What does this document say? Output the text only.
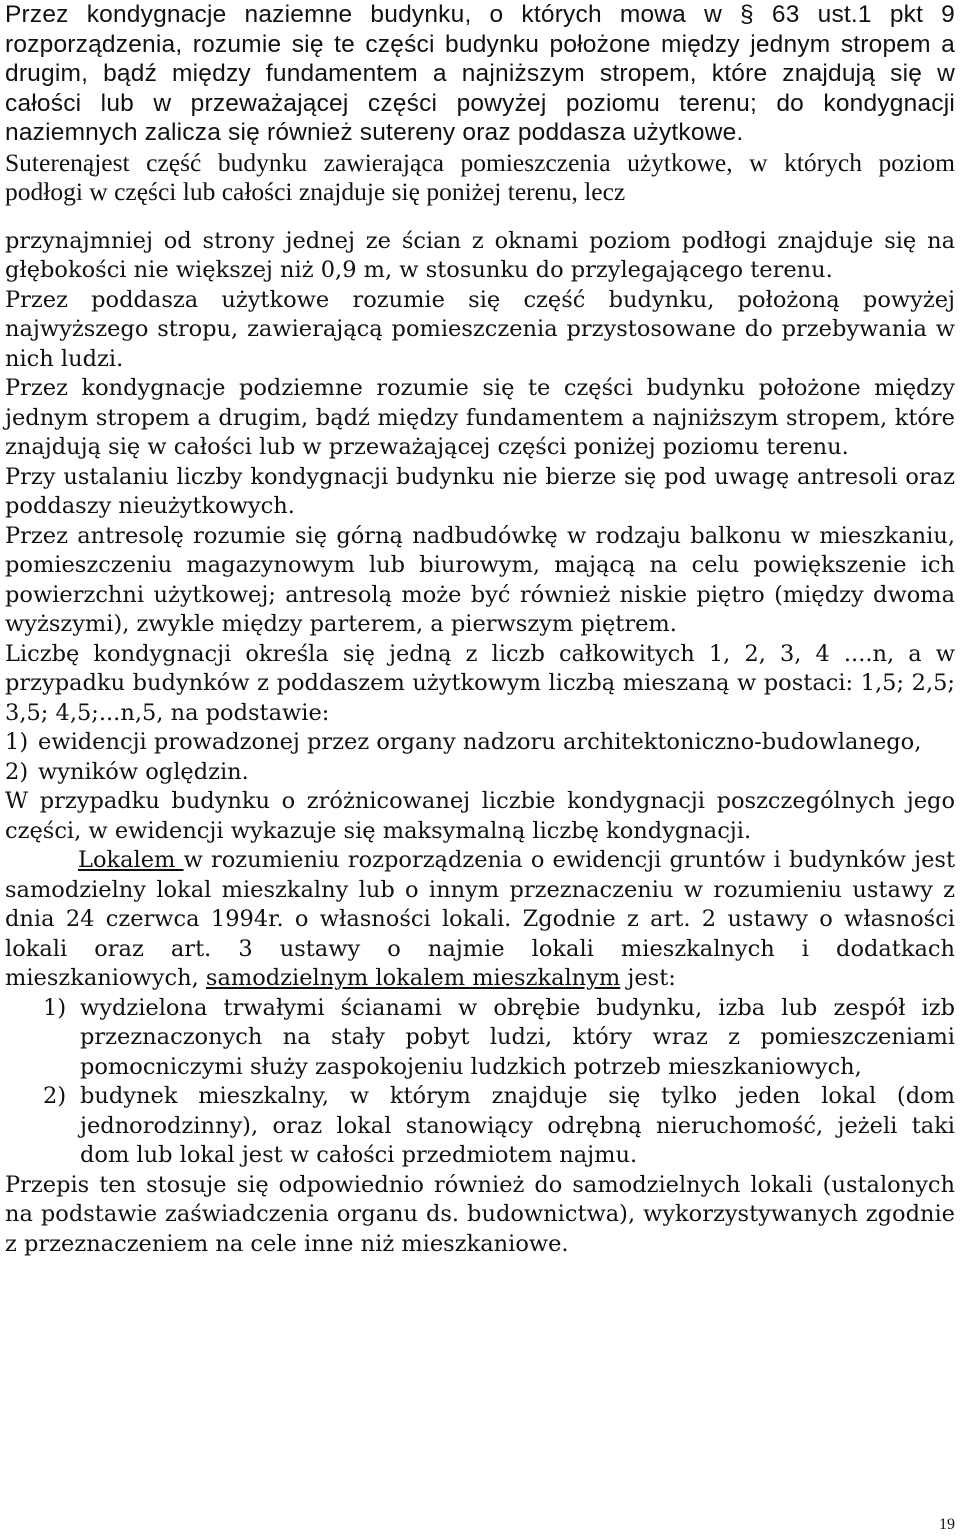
Przez kondygnacje naziemne budynku, o których mowa w § 63 ust.1 pkt 9 rozporządzenia, rozumie się te części budynku położone między jednym stropem a drugim, bądź między fundamentem a najniższym stropem, które znajdują się w całości lub w przeważającej części powyżej poziomu terenu; do kondygnacji naziemnych zalicza się również sutereny oraz poddasza użytkowe.

Suterenąjest część budynku zawierająca pomieszczenia użytkowe, w których poziom podłogi w części lub całości znajduje się poniżej terenu, lecz

przynajmniej od strony jednej ze ścian z oknami poziom podłogi znajduje się na głębokości nie większej niż 0,9 m, w stosunku do przylegającego terenu.

Przez poddasza użytkowe rozumie się część budynku, położoną powyżej najwyższego stropu, zawierającą pomieszczenia przystosowane do przebywania w nich ludzi.

Przez kondygnacje podziemne rozumie się te części budynku położone między jednym stropem a drugim, bądź między fundamentem a najniższym stropem, które znajdują się w całości lub w przeważającej części poniżej poziomu terenu.

Przy ustalaniu liczby kondygnacji budynku nie bierze się pod uwagę antresoli oraz poddaszy nieużytkowych.

Przez antresolę rozumie się górną nadbudówkę w rodzaju balkonu w mieszkaniu, pomieszczeniu magazynowym lub biurowym, mającą na celu powiększenie ich powierzchni użytkowej; antresolą może być również niskie piętro (między dwoma wyższymi), zwykle między parterem, a pierwszym piętrem.

Liczbę kondygnacji określa się jedną z liczb całkowitych 1, 2, 3, 4 ....n, a w przypadku budynków z poddaszem użytkowym liczbą mieszaną w postaci: 1,5; 2,5; 3,5; 4,5;...n,5, na podstawie:

1) ewidencji prowadzonej przez organy nadzoru architektoniczno-budowlanego,
2) wyników oględzin.

W przypadku budynku o zróżnicowanej liczbie kondygnacji poszczególnych jego części, w ewidencji wykazuje się maksymalną liczbę kondygnacji.

Lokalem w rozumieniu rozporządzenia o ewidencji gruntów i budynków jest samodzielny lokal mieszkalny lub o innym przeznaczeniu w rozumieniu ustawy z dnia 24 czerwca 1994r. o własności lokali. Zgodnie z art. 2 ustawy o własności lokali oraz art. 3 ustawy o najmie lokali mieszkalnych i dodatkach mieszkaniowych, samodzielnym lokalem mieszkalnym jest:

1) wydzielona trwałymi ścianami w obrębie budynku, izba lub zespół izb przeznaczonych na stały pobyt ludzi, który wraz z pomieszczeniami pomocniczymi służy zaspokojeniu ludzkich potrzeb mieszkaniowych,
2) budynek mieszkalny, w którym znajduje się tylko jeden lokal (dom jednorodzinny), oraz lokal stanowiący odrębną nieruchomość, jeżeli taki dom lub lokal jest w całości przedmiotem najmu.

Przepis ten stosuje się odpowiednio również do samodzielnych lokali (ustalonych na podstawie zaświadczenia organu ds. budownictwa), wykorzystywanych zgodnie z przeznaczeniem na cele inne niż mieszkaniowe.

19
